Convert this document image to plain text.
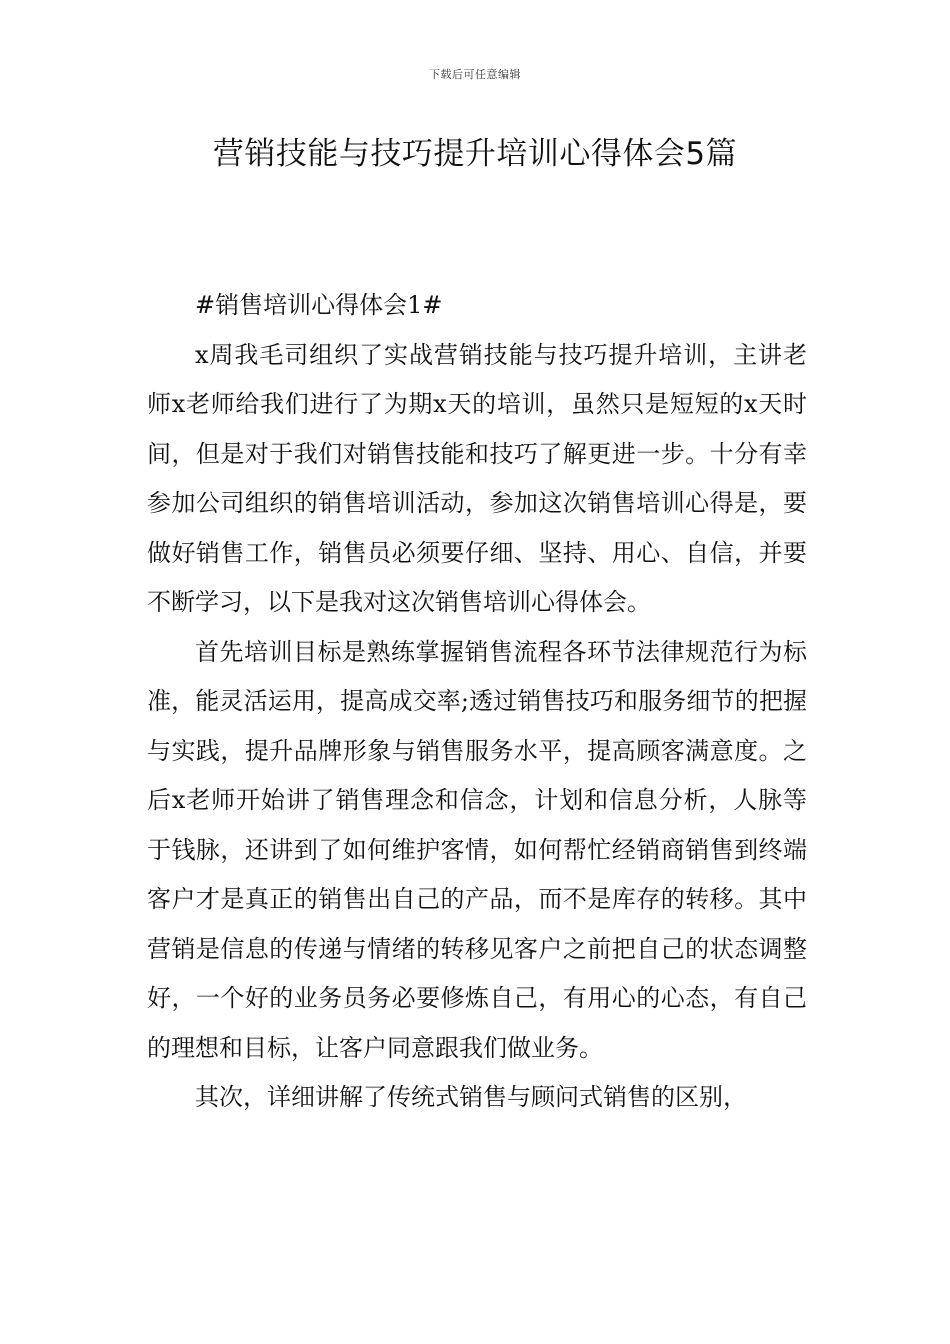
下载后可任意编辑
营销技能与技巧提升培训心得体会5篇

#销售培训心得体会1#

x周我毛司组织了实战营销技能与技巧提升培训，主讲老师x老师给我们进行了为期x天的培训，虽然只是短短的x天时间，但是对于我们对销售技能和技巧了解更进一步。十分有幸参加公司组织的销售培训活动，参加这次销售培训心得是，要做好销售工作，销售员必须要仔细、坚持、用心、自信，并要不断学习，以下是我对这次销售培训心得体会。

首先培训目标是熟练掌握销售流程各环节法律规范行为标准，能灵活运用，提高成交率;透过销售技巧和服务细节的把握与实践，提升品牌形象与销售服务水平，提高顾客满意度。之后x老师开始讲了销售理念和信念，计划和信息分析，人脉等于钱脉，还讲到了如何维护客情，如何帮忙经销商销售到终端客户才是真正的销售出自己的产品，而不是库存的转移。其中营销是信息的传递与情绪的转移见客户之前把自己的状态调整好，一个好的业务员务必要修炼自己，有用心的心态，有自己的理想和目标，让客户同意跟我们做业务。

其次，详细讲解了传统式销售与顾问式销售的区别，
